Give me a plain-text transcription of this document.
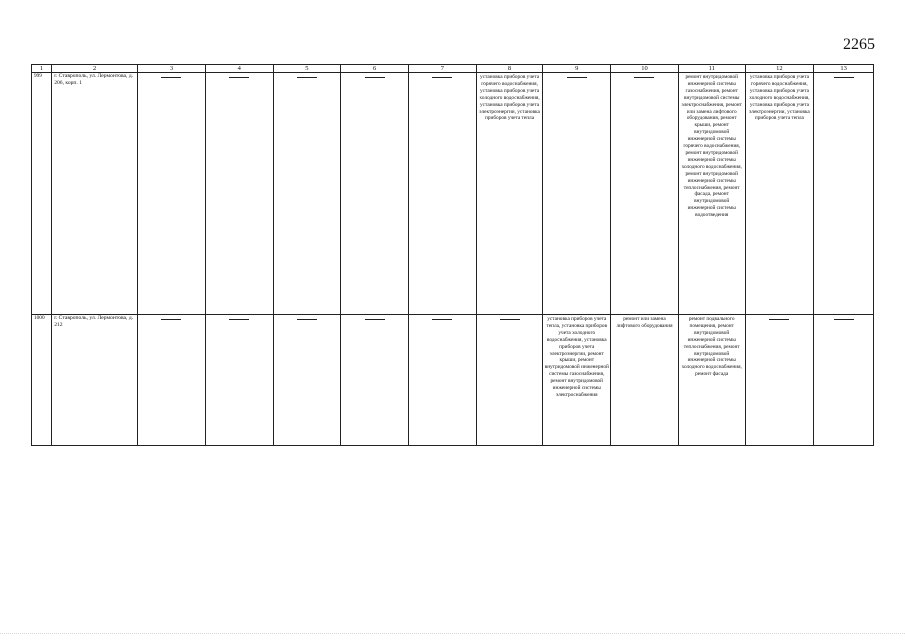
2265
1	2	3	4	5	6	7	8	9	10	11	12	13
999	г. Ставрополь, ул. Лермонтова, д. 206, корп. 1						установка приборов учета горячего водоснабжения, установка приборов учета холодного водоснабжения, установка приборов учета электроэнергии, установка приборов учета тепла			ремонт внутридомовой инженерной системы газоснабжения, ремонт внутридомовой системы электроснабжения, ремонт или замена лифтового оборудования, ремонт крыши, ремонт внутридомовой инженерной системы горячего водоснабжения, ремонт внутридомовой инженерной системы холодного водоснабжения, ремонт внутридомовой инженерной системы теплоснабжения, ремонт фасада, ремонт внутридомовой инженерной системы водоотведения	установка приборов учета горячего водоснабжения, установка приборов учета холодного водоснабжения, установка приборов учета электроэнергии, установка приборов учета тепла	

1000	г. Ставрополь, ул. Лермонтова, д. 212							установка приборов учета тепла, установка приборов учета холодного водоснабжения, установка приборов учета электроэнергии, ремонт крыши, ремонт внутридомовой инженерной системы газоснабжения, ремонт внутридомовой инженерной системы электроснабжения	ремонт или замена лифтового оборудования	ремонт подвального помещения, ремонт внутридомовой инженерной системы теплоснабжения, ремонт внутридомовой инженерной системы холодного водоснабжения, ремонт фасада	
